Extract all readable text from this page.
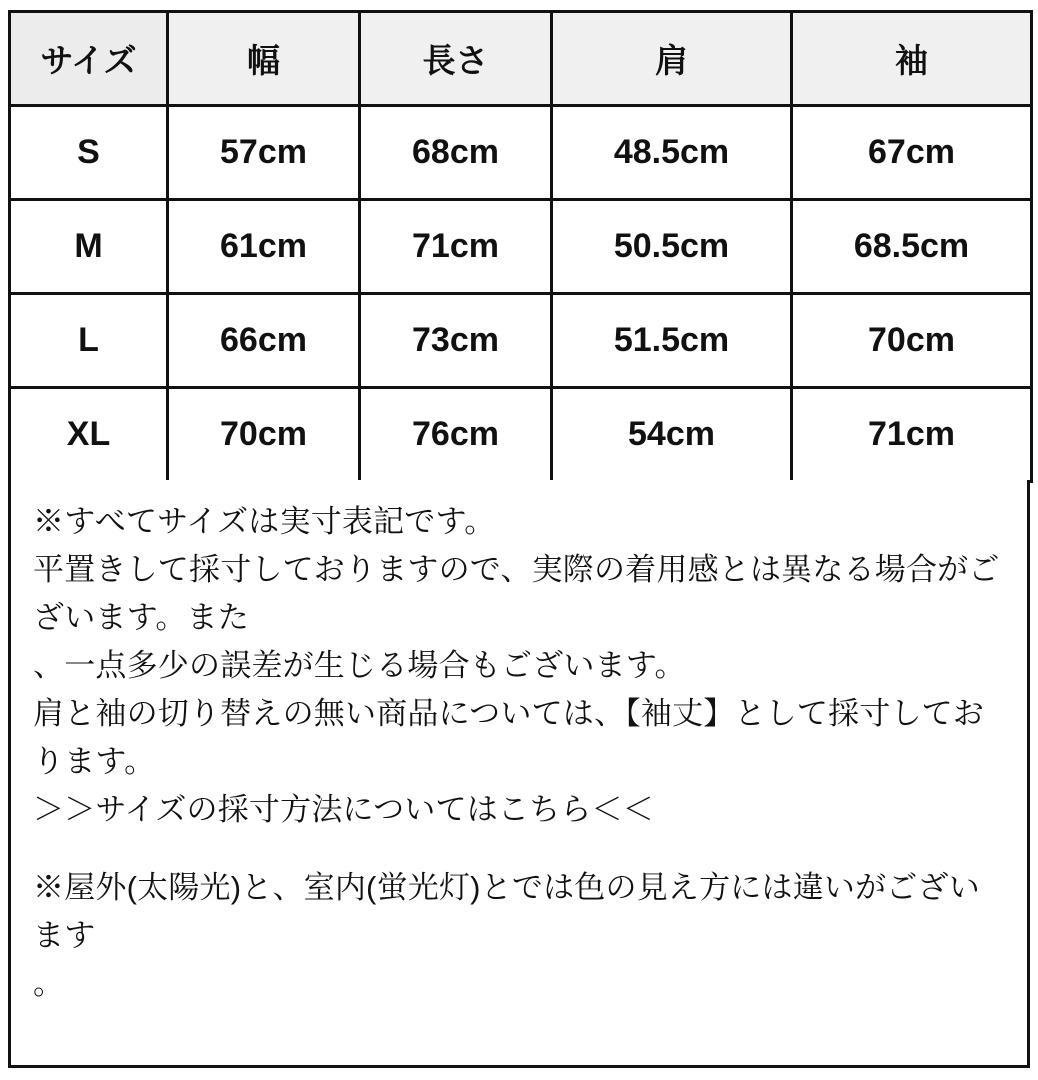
サイズ	幅	長さ	肩	袖
S	57cm	68cm	48.5cm	67cm
M	61cm	71cm	50.5cm	68.5cm
L	66cm	73cm	51.5cm	70cm
XL	70cm	76cm	54cm	71cm

※すべてサイズは実寸表記です。

平置きして採寸しておりますので、実際の着用感とは異なる場合がございます。また

、一点多少の誤差が生じる場合もございます。

肩と袖の切り替えの無い商品については、【袖丈】として採寸しております。

＞＞サイズの採寸方法についてはこちら＜＜

※屋外(太陽光)と、室内(蛍光灯)とでは色の見え方には違いがございます

。
